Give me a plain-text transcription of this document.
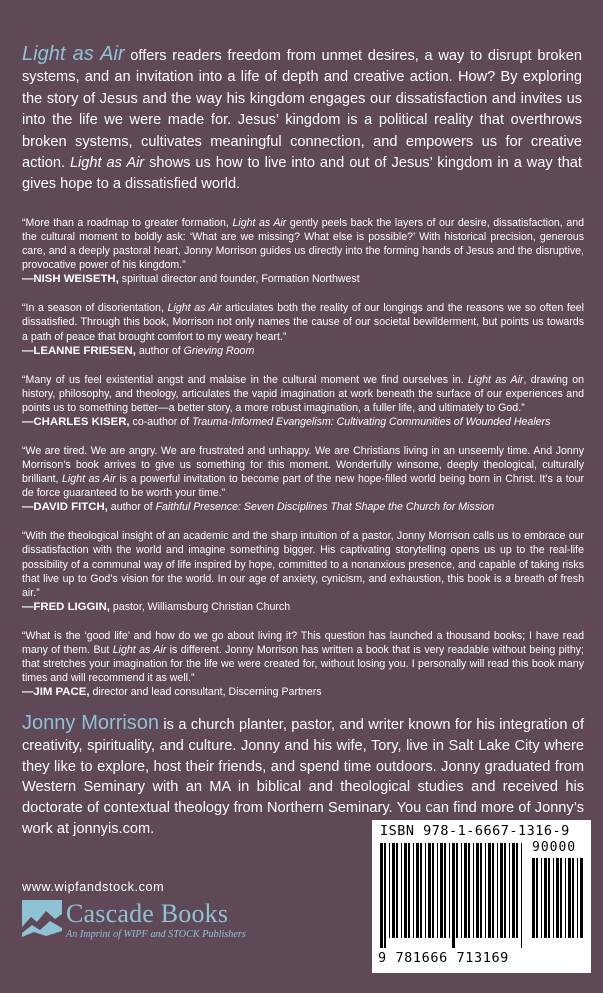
Light as Air offers readers freedom from unmet desires, a way to disrupt broken systems, and an invitation into a life of depth and creative action. How? By exploring the story of Jesus and the way his kingdom engages our dissatisfaction and invites us into the life we were made for. Jesus’ kingdom is a political reality that overthrows broken systems, cultivates meaningful connection, and empowers us for creative action. Light as Air shows us how to live into and out of Jesus’ kingdom in a way that gives hope to a dissatisfied world.

“More than a roadmap to greater formation, Light as Air gently peels back the layers of our desire, dissatisfaction, and the cultural moment to boldly ask: ‘What are we missing? What else is possible?’ With historical precision, generous care, and a deeply pastoral heart, Jonny Morrison guides us directly into the forming hands of Jesus and the disruptive, provocative power of his kingdom.”

—NISH WEISETH, spiritual director and founder, Formation Northwest

“In a season of disorientation, Light as Air articulates both the reality of our longings and the reasons we so often feel dissatisfied. Through this book, Morrison not only names the cause of our societal bewilderment, but points us towards a path of peace that brought comfort to my weary heart.”

—LEANNE FRIESEN, author of Grieving Room

“Many of us feel existential angst and malaise in the cultural moment we find ourselves in. Light as Air, drawing on history, philosophy, and theology, articulates the vapid imagination at work beneath the surface of our experiences and points us to something better—a better story, a more robust imagination, a fuller life, and ultimately to God.”

—CHARLES KISER, co-author of Trauma-Informed Evangelism: Cultivating Communities of Wounded Healers

“We are tired. We are angry. We are frustrated and unhappy. We are Christians living in an unseemly time. And Jonny Morrison’s book arrives to give us something for this moment. Wonderfully winsome, deeply theological, culturally brilliant, Light as Air is a powerful invitation to become part of the new hope-filled world being born in Christ. It’s a tour de force guaranteed to be worth your time.”

—DAVID FITCH, author of Faithful Presence: Seven Disciplines That Shape the Church for Mission

“With the theological insight of an academic and the sharp intuition of a pastor, Jonny Morrison calls us to embrace our dissatisfaction with the world and imagine something bigger. His captivating storytelling opens us up to the real-life possibility of a communal way of life inspired by hope, committed to a nonanxious presence, and capable of taking risks that live up to God’s vision for the world. In our age of anxiety, cynicism, and exhaustion, this book is a breath of fresh air.”

—FRED LIGGIN, pastor, Williamsburg Christian Church

“What is the ‘good life’ and how do we go about living it? This question has launched a thousand books; I have read many of them. But Light as Air is different. Jonny Morrison has written a book that is very readable without being pithy; that stretches your imagination for the life we were created for, without losing you. I personally will read this book many times and will recommend it as well.”

—JIM PACE, director and lead consultant, Discerning Partners

Jonny Morrison is a church planter, pastor, and writer known for his integration of creativity, spirituality, and culture. Jonny and his wife, Tory, live in Salt Lake City where they like to explore, host their friends, and spend time outdoors. Jonny graduated from Western Seminary with an MA in biblical and theological studies and received his doctorate of contextual theology from Northern Seminary. You can find more of Jonny’s work at jonnyis.com.

www.wipfandstock.com
Cascade Books
An Imprint of WIPF and STOCK Publishers
ISBN 978-1-6667-1316-9
90000
9 781666 713169
